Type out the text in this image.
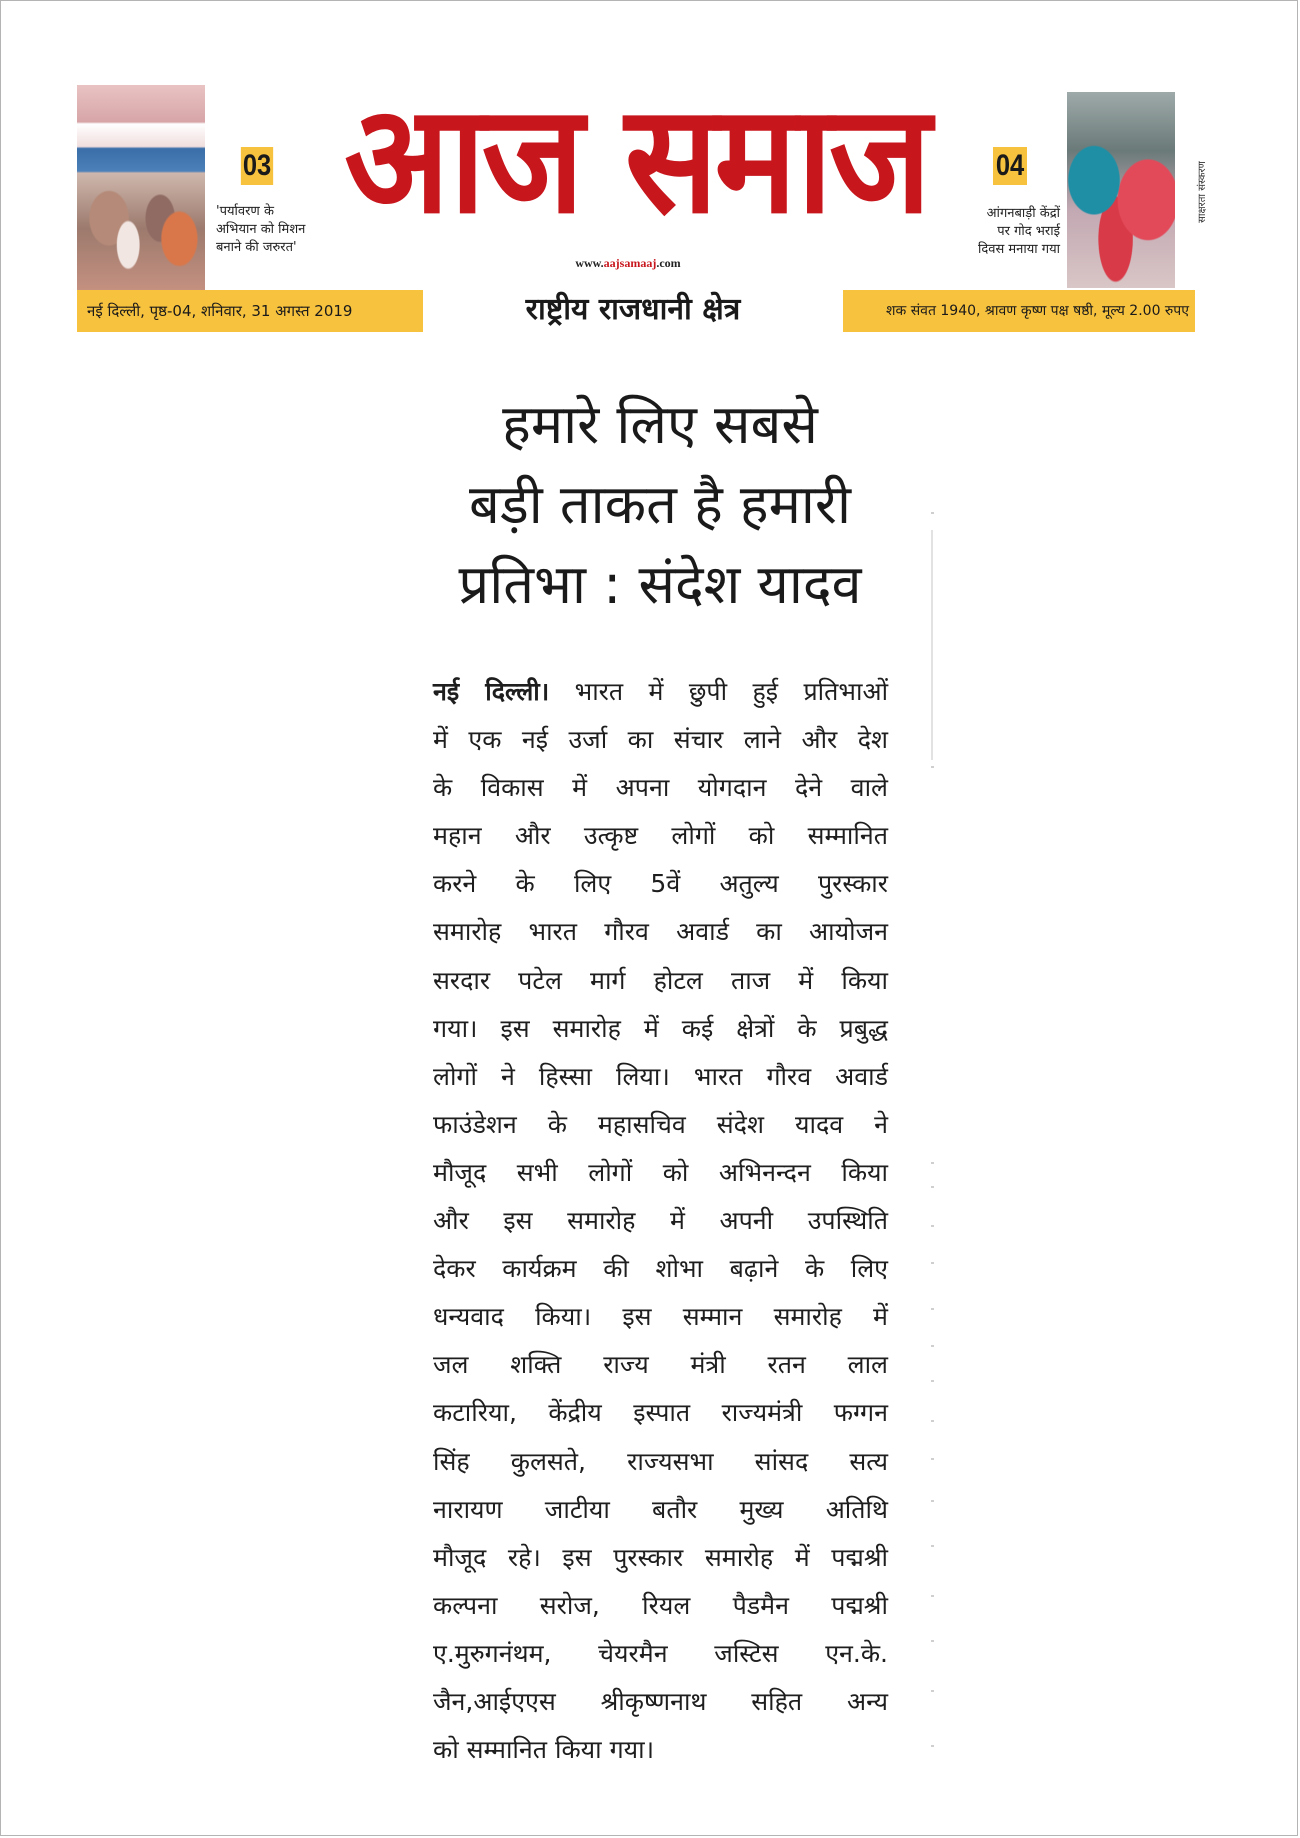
03
'पर्यावरण के
अभियान को मिशन
बनाने की जरुरत'
आज समाज
www.aajsamaaj.com
04
आंगनबाड़ी केंद्रों
पर गोद भराई
दिवस मनाया गया
साक्षरता संस्करण
नई दिल्ली, पृष्ठ-04, शनिवार, 31 अगस्त 2019	राष्ट्रीय राजधानी क्षेत्र	शक संवत 1940, श्रावण कृष्ण पक्ष षष्ठी, मूल्य 2.00 रुपए
हमारे लिए सबसे
बड़ी ताकत है हमारी
प्रतिभा : संदेश यादव
नई दिल्ली। भारत में छुपी हुई प्रतिभाओं
में एक नई उर्जा का संचार लाने और देश
के विकास में अपना योगदान देने वाले
महान और उत्कृष्ट लोगों को सम्मानित
करने के लिए 5वें अतुल्य पुरस्कार
समारोह भारत गौरव अवार्ड का आयोजन
सरदार पटेल मार्ग होटल ताज में किया
गया। इस समारोह में कई क्षेत्रों के प्रबुद्ध
लोगों ने हिस्सा लिया। भारत गौरव अवार्ड
फाउंडेशन के महासचिव संदेश यादव ने
मौजूद सभी लोगों को अभिनन्दन किया
और इस समारोह में अपनी उपस्थिति
देकर कार्यक्रम की शोभा बढ़ाने के लिए
धन्यवाद किया। इस सम्मान समारोह में
जल शक्ति राज्य मंत्री रतन लाल
कटारिया, केंद्रीय इस्पात राज्यमंत्री फग्गन
सिंह कुलसते, राज्यसभा सांसद सत्य
नारायण जाटीया बतौर मुख्य अतिथि
मौजूद रहे। इस पुरस्कार समारोह में पद्मश्री
कल्पना सरोज, रियल पैडमैन पद्मश्री
ए.मुरुगनंथम, चेयरमैन जस्टिस एन.के.
जैन,आईएएस श्रीकृष्णनाथ सहित अन्य
को सम्मानित किया गया।
